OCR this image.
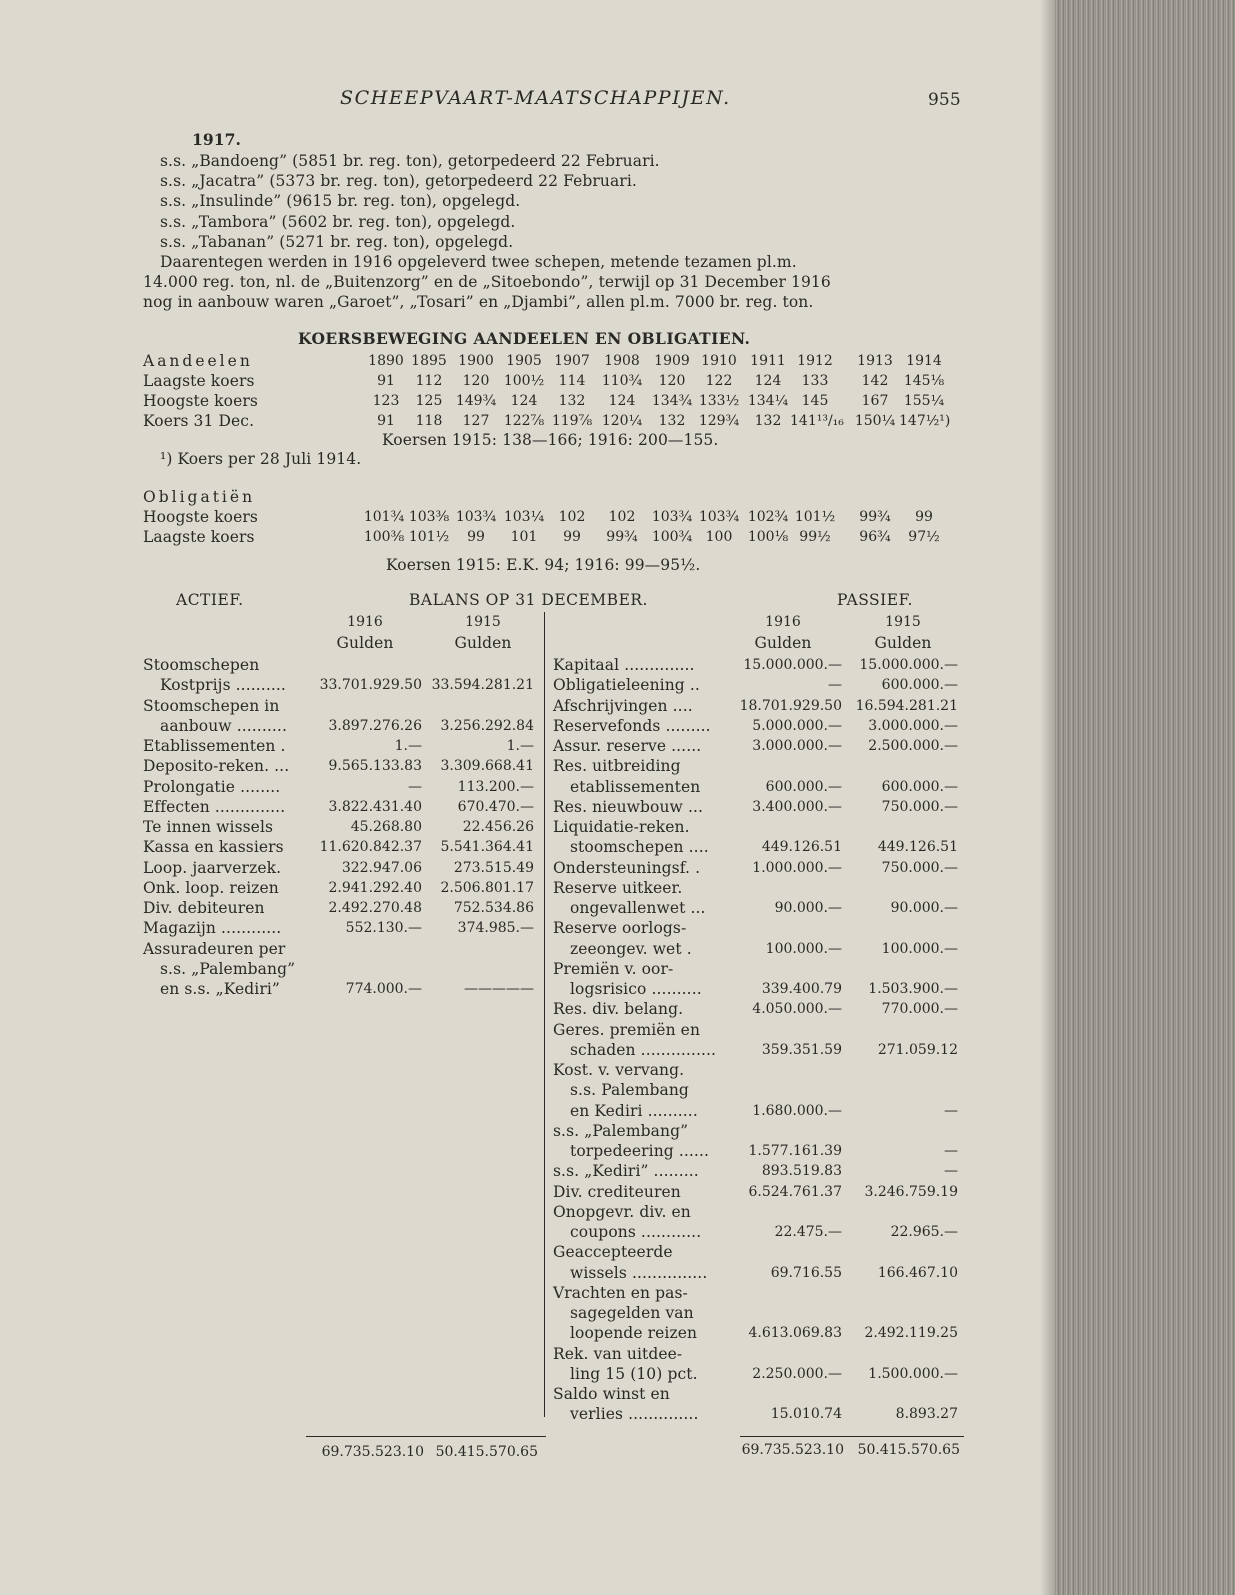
SCHEEPVAART-MAATSCHAPPIJEN.	955
1917.
s.s. „Bandoeng” (5851 br. reg. ton), getorpedeerd 22 Februari.
s.s. „Jacatra” (5373 br. reg. ton), getorpedeerd 22 Februari.
s.s. „Insulinde” (9615 br. reg. ton), opgelegd.
s.s. „Tambora” (5602 br. reg. ton), opgelegd.
s.s. „Tabanan” (5271 br. reg. ton), opgelegd.
Daarentegen werden in 1916 opgeleverd twee schepen, metende tezamen pl.m.
14.000 reg. ton, nl. de „Buitenzorg” en de „Sitoebondo”, terwijl op 31 December 1916
nog in aanbouw waren „Garoet”, „Tosari” en „Djambi”, allen pl.m. 7000 br. reg. ton.
KOERSBEWEGING AANDEELEN EN OBLIGATIEN.
Aandeelen	1890 1895 1900 1905 1907	1908	1909 1910 1911 1912	1913 1914
Laagste koers	91	112	120	100½	114	110¾	120	122	124	133	142	145⅛
Hoogste koers	123	125 149¾	124	132	124	134¾ 133½ 134¼ 145	167	155¼
Koers 31 Dec.	91	118	127	122⅞ 119⅞ 120¼	132 129¾	132 141¹³/₁₆ 150¼ 147½¹)
Koersen 1915: 138—166; 1916: 200—155.
¹) Koers per 28 Juli 1914.
Obligatiën
Hoogste koers	101¾ 103⅜ 103¾ 103¼	102	102	103¾ 103¾ 102¾ 101½	99¾	99
Laagste koers	100⅜ 101½	99	101	99	99¾	100¾ 100	100⅛ 99½	96¾	97½
Koersen 1915: E.K. 94; 1916: 99—95½.
ACTIEF.	BALANS OP 31 DECEMBER.	PASSIEF.
1916	1915
Gulden	Gulden
1916	1915
Gulden	Gulden
Stoomschepen
Kostprijs ..........	33.701.929.50 33.594.281.21
Stoomschepen in
aanbouw ..........	3.897.276.26	3.256.292.84
Etablissementen .	1.—	1.—
Deposito-reken. ...	9.565.133.83	3.309.668.41
Prolongatie ........	—	113.200.—
Effecten ..............	3.822.431.40	670.470.—
Te innen wissels	45.268.80	22.456.26
Kassa en kassiers	11.620.842.37	5.541.364.41
Loop. jaarverzek.	322.947.06	273.515.49
Onk. loop. reizen	2.941.292.40	2.506.801.17
Div. debiteuren	2.492.270.48	752.534.86
Magazijn ............	552.130.—	374.985.—
Assuradeuren per
s.s. „Palembang”
en s.s. „Kediri”	774.000.—	—————
Kapitaal ..............	15.000.000.—	15.000.000.—
Obligatieleening ..	—	600.000.—
Afschrijvingen ....	18.701.929.50 16.594.281.21
Reservefonds .........	5.000.000.—	3.000.000.—
Assur. reserve ......	3.000.000.—	2.500.000.—
Res. uitbreiding
etablissementen	600.000.—	600.000.—
Res. nieuwbouw ...	3.400.000.—	750.000.—
Liquidatie-reken.
stoomschepen ....	449.126.51	449.126.51
Ondersteuningsf. .	1.000.000.—	750.000.—
Reserve uitkeer.
ongevallenwet ...	90.000.—	90.000.—
Reserve oorlogs-
zeeongev. wet .	100.000.—	100.000.—
Premiën v. oor-
logsrisico ..........	339.400.79	1.503.900.—
Res. div. belang.	4.050.000.—	770.000.—
Geres. premiën en
schaden ...............	359.351.59	271.059.12
Kost. v. vervang.
s.s. Palembang
en Kediri ..........	1.680.000.—	—
s.s. „Palembang”
torpedeering ......	1.577.161.39	—
s.s. „Kediri” .........	893.519.83	—
Div. crediteuren	6.524.761.37	3.246.759.19
Onopgevr. div. en
coupons ............	22.475.—	22.965.—
Geaccepteerde
wissels ...............	69.716.55	166.467.10
Vrachten en pas-
sagegelden van
loopende reizen	4.613.069.83	2.492.119.25
Rek. van uitdee-
ling 15 (10) pct.	2.250.000.—	1.500.000.—
Saldo winst en
verlies ..............	15.010.74	8.893.27
69.735.523.10 50.415.570.65	69.735.523.10 50.415.570.65
